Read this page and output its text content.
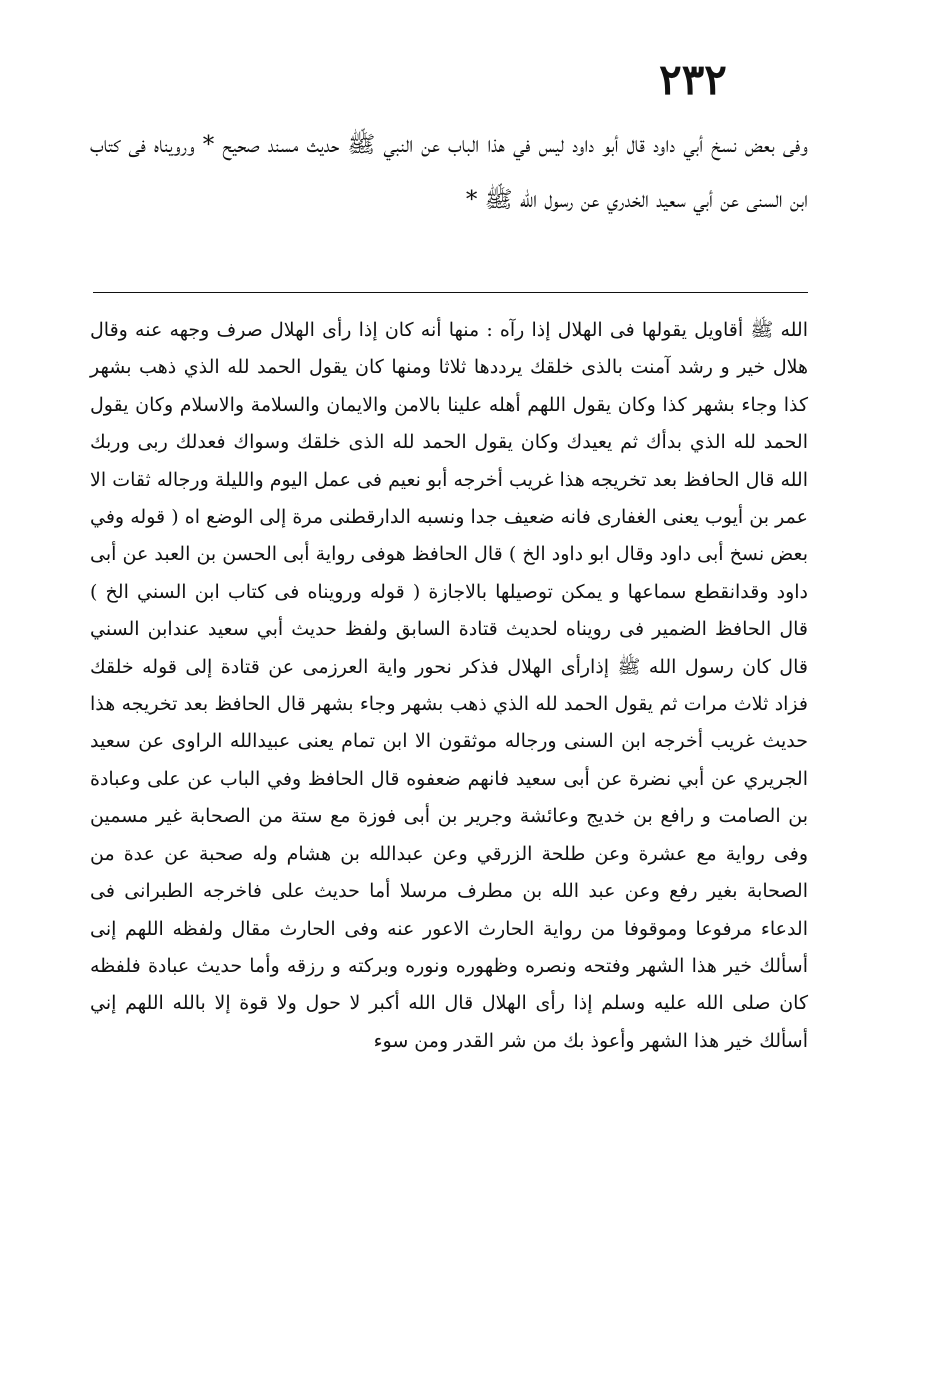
٢٣٢

وفى بعض نسخ أبي داود قال أبو داود ليس في هذا الباب عن النبي ﷺ حديث مسند صحيح * ورويناه فى كتاب ابن السنى عن أبي سعيد الخدري عن رسول الله ﷺ *

الله ﷺ أقاويل يقولها فى الهلال إذا رآه : منها أنه كان إذا رأى الهلال صرف وجهه عنه وقال هلال خير و رشد آمنت بالذى خلقك يرددها ثلاثا ومنها كان يقول الحمد لله الذي ذهب بشهر كذا وجاء بشهر كذا وكان يقول اللهم أهله علينا بالامن والايمان والسلامة والاسلام وكان يقول الحمد لله الذي بدأك ثم يعيدك وكان يقول الحمد لله الذى خلقك وسواك فعدلك ربى وربك الله قال الحافظ بعد تخريجه هذا غريب أخرجه أبو نعيم فى عمل اليوم والليلة ورجاله ثقات الا عمر بن أيوب يعنى الغفارى فانه ضعيف جدا ونسبه الدارقطنى مرة إلى الوضع اه ( قوله وفي بعض نسخ أبى داود وقال ابو داود الخ ) قال الحافظ هوفى رواية أبى الحسن بن العبد عن أبى داود وقدانقطع سماعها و يمكن توصيلها بالاجازة ( قوله ورويناه فى كتاب ابن السني الخ ) قال الحافظ الضمير فى رويناه لحديث قتادة السابق ولفظ حديث أبي سعيد عندابن السني قال كان رسول الله ﷺ إذارأى الهلال فذكر نحور واية العرزمى عن قتادة إلى قوله خلقك فزاد ثلاث مرات ثم يقول الحمد لله الذي ذهب بشهر وجاء بشهر قال الحافظ بعد تخريجه هذا حديث غريب أخرجه ابن السنى ورجاله موثقون الا ابن تمام يعنى عبيدالله الراوى عن سعيد الجريري عن أبي نضرة عن أبى سعيد فانهم ضعفوه قال الحافظ وفي الباب عن على وعبادة بن الصامت و رافع بن خديج وعائشة وجرير بن أبى فوزة مع ستة من الصحابة غير مسمين وفى رواية مع عشرة وعن طلحة الزرقي وعن عبدالله بن هشام وله صحبة عن عدة من الصحابة بغير رفع وعن عبد الله بن مطرف مرسلا أما حديث على فاخرجه الطبرانى فى الدعاء مرفوعا وموقوفا من رواية الحارث الاعور عنه وفى الحارث مقال ولفظه اللهم إنى أسألك خير هذا الشهر وفتحه ونصره وظهوره ونوره وبركته و رزقه وأما حديث عبادة فلفظه كان صلى الله عليه وسلم إذا رأى الهلال قال الله أكبر لا حول ولا قوة إلا بالله اللهم إني أسألك خير هذا الشهر وأعوذ بك من شر القدر ومن سوء
